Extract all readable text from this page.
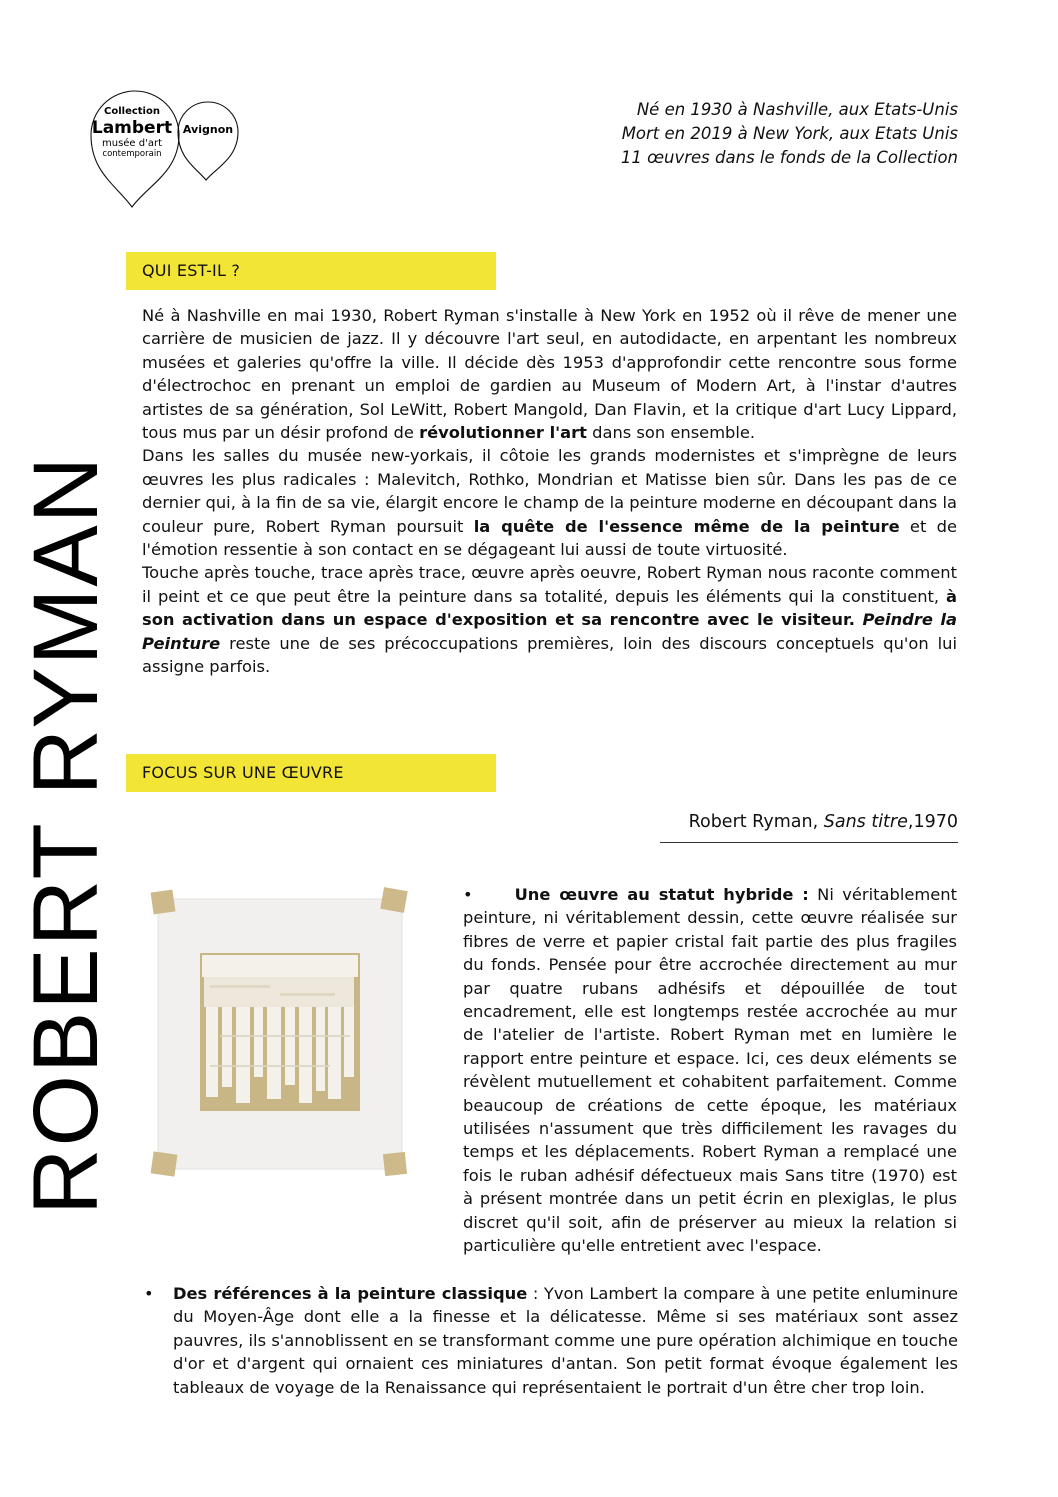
Collection
Lambert
musée d'art
contemporain
Avignon
Né en 1930 à Nashville, aux Etats-Unis
Mort en 2019 à New York, aux Etats Unis
11 œuvres dans le fonds de la Collection
ROBERT RYMAN
QUI EST-IL ?

Né à Nashville en mai 1930, Robert Ryman s'installe à New York en 1952 où il rêve de mener une carrière de musicien de jazz. Il y découvre l'art seul, en autodidacte, en arpentant les nombreux musées et galeries qu'offre la ville. Il décide dès 1953 d'approfondir cette rencontre sous forme d'électrochoc en prenant un emploi de gardien au Museum of Modern Art, à l'instar d'autres artistes de sa génération, Sol LeWitt, Robert Mangold, Dan Flavin, et la critique d'art Lucy Lippard, tous mus par un désir profond de révolutionner l'art dans son ensemble.

Dans les salles du musée new-yorkais, il côtoie les grands modernistes et s'imprègne de leurs œuvres les plus radicales : Malevitch, Rothko, Mondrian et Matisse bien sûr. Dans les pas de ce dernier qui, à la fin de sa vie, élargit encore le champ de la peinture moderne en découpant dans la couleur pure, Robert Ryman poursuit la quête de l'essence même de la peinture et de l'émotion ressentie à son contact en se dégageant lui aussi de toute virtuosité.

Touche après touche, trace après trace, œuvre après oeuvre, Robert Ryman nous raconte comment il peint et ce que peut être la peinture dans sa totalité, depuis les éléments qui la constituent, à son activation dans un espace d'exposition et sa rencontre avec le visiteur. Peindre la Peinture reste une de ses précoccupations premières, loin des discours conceptuels qu'on lui assigne parfois.

FOCUS SUR UNE ŒUVRE
Robert Ryman, Sans titre,1970

•	Une œuvre au statut hybride : Ni véritablement peinture, ni véritablement dessin, cette œuvre réalisée sur fibres de verre et papier cristal fait partie des plus fragiles du fonds. Pensée pour être accrochée directement au mur par quatre rubans adhésifs et dépouillée de tout encadrement, elle est longtemps restée accrochée au mur de l'atelier de l'artiste. Robert Ryman met en lumière le rapport entre peinture et espace. Ici, ces deux eléments se révèlent mutuellement et cohabitent parfaitement. Comme beaucoup de créations de cette époque, les matériaux utilisées n'assument que très difficilement les ravages du temps et les déplacements. Robert Ryman a remplacé une fois le ruban adhésif défectueux mais Sans titre (1970) est à présent montrée dans un petit écrin en plexiglas, le plus discret qu'il soit, afin de préserver au mieux la relation si particulière qu'elle entretient avec l'espace.

• Des références à la peinture classique : Yvon Lambert la compare à une petite enluminure du Moyen-Âge dont elle a la finesse et la délicatesse. Même si ses matériaux sont assez pauvres, ils s'annoblissent en se transformant comme une pure opération alchimique en touche d'or et d'argent qui ornaient ces miniatures d'antan. Son petit format évoque également les tableaux de voyage de la Renaissance qui représentaient le portrait d'un être cher trop loin.
